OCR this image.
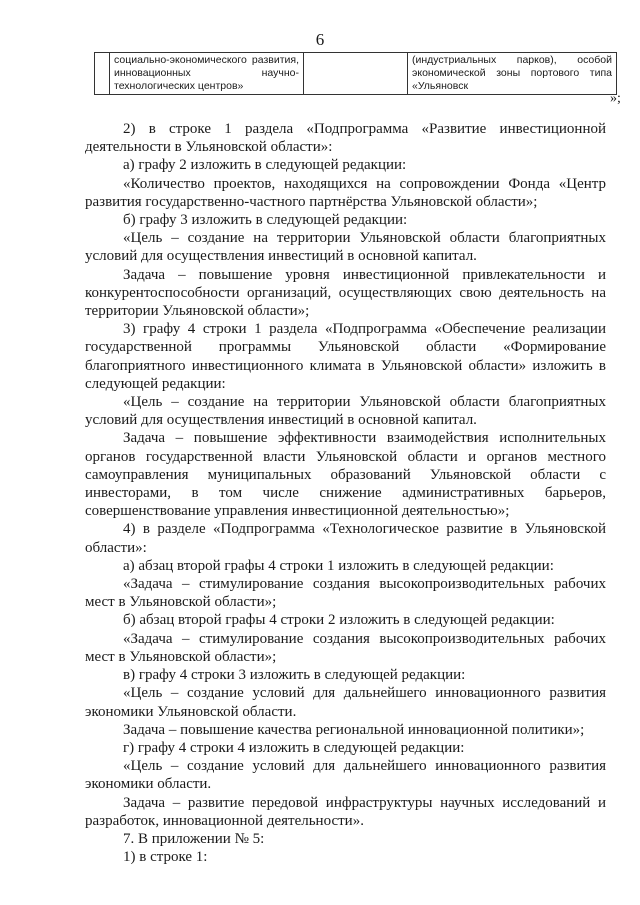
6
	социально-экономического развития, инновационных научно-технологических центров»		(индустриальных парков), особой экономической зоны портового типа «Ульяновск
»;

2) в строке 1 раздела «Подпрограмма «Развитие инвестиционной деятельности в Ульяновской области»:

а) графу 2 изложить в следующей редакции:

«Количество проектов, находящихся на сопровождении Фонда «Центр развития государственно-частного партнёрства Ульяновской области»;

б) графу 3 изложить в следующей редакции:

«Цель – создание на территории Ульяновской области благоприятных условий для осуществления инвестиций в основной капитал.

Задача – повышение уровня инвестиционной привлекательности и конкурентоспособности организаций, осуществляющих свою деятельность на территории Ульяновской области»;

3) графу 4 строки 1 раздела «Подпрограмма «Обеспечение реализации государственной программы Ульяновской области «Формирование благоприятного инвестиционного климата в Ульяновской области» изложить в следующей редакции:

«Цель – создание на территории Ульяновской области благоприятных условий для осуществления инвестиций в основной капитал.

Задача – повышение эффективности взаимодействия исполнительных органов государственной власти Ульяновской области и органов местного самоуправления муниципальных образований Ульяновской области с инвесторами, в том числе снижение административных барьеров, совершенствование управления инвестиционной деятельностью»;

4) в разделе «Подпрограмма «Технологическое развитие в Ульяновской области»:

а) абзац второй графы 4 строки 1 изложить в следующей редакции:

«Задача – стимулирование создания высокопроизводительных рабочих мест в Ульяновской области»;

б) абзац второй графы 4 строки 2 изложить в следующей редакции:

«Задача – стимулирование создания высокопроизводительных рабочих мест в Ульяновской области»;

в) графу 4 строки 3 изложить в следующей редакции:

«Цель – создание условий для дальнейшего инновационного развития экономики Ульяновской области.

Задача – повышение качества региональной инновационной политики»;

г) графу 4 строки 4 изложить в следующей редакции:

«Цель – создание условий для дальнейшего инновационного развития экономики области.

Задача – развитие передовой инфраструктуры научных исследований и разработок, инновационной деятельности».

7. В приложении № 5:

1) в строке 1:
